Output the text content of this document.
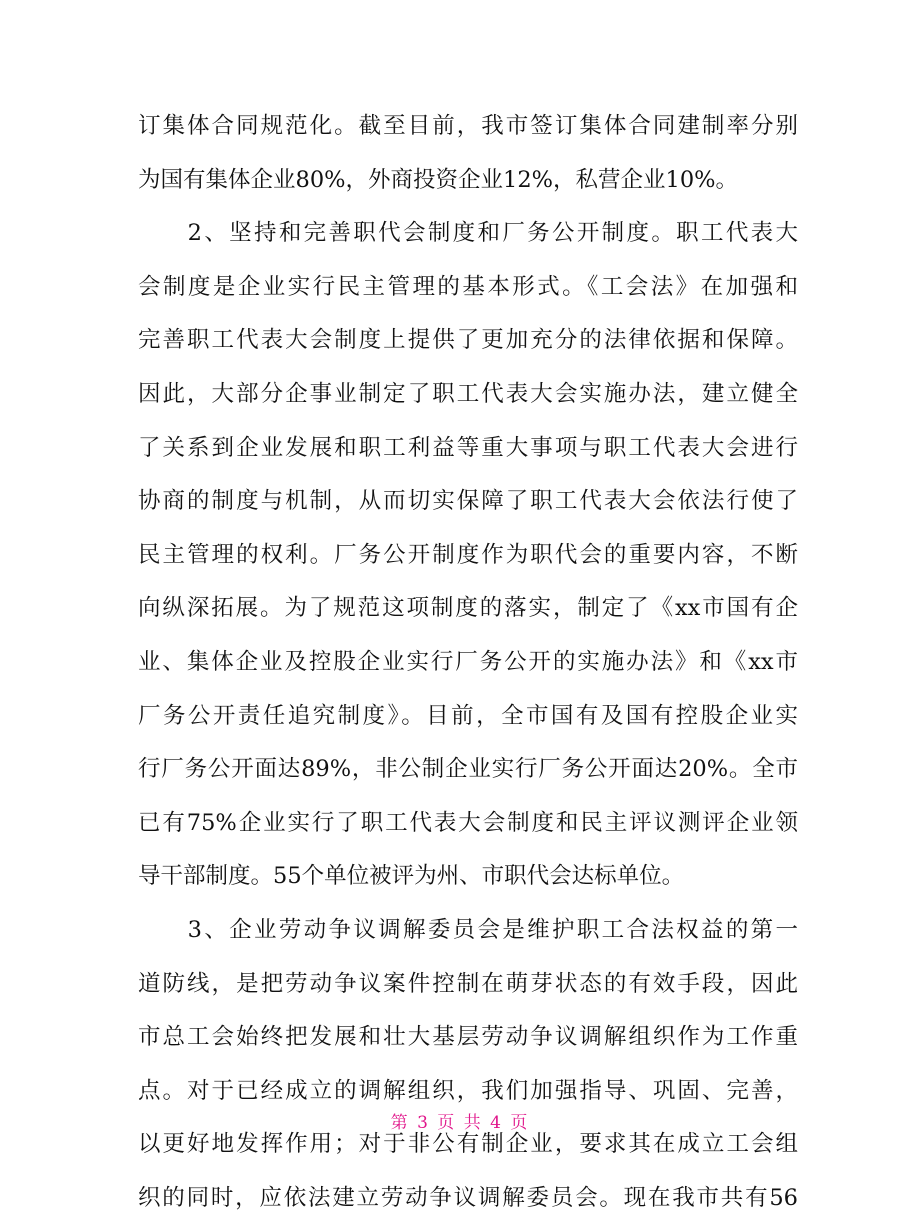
订集体合同规范化。截至目前，我市签订集体合同建制率分别
为国有集体企业80%，外商投资企业12%，私营企业10%。
　　2、坚持和完善职代会制度和厂务公开制度。职工代表大
会制度是企业实行民主管理的基本形式。《工会法》在加强和
完善职工代表大会制度上提供了更加充分的法律依据和保障。
因此，大部分企事业制定了职工代表大会实施办法，建立健全
了关系到企业发展和职工利益等重大事项与职工代表大会进行
协商的制度与机制，从而切实保障了职工代表大会依法行使了
民主管理的权利。厂务公开制度作为职代会的重要内容，不断
向纵深拓展。为了规范这项制度的落实，制定了《xx市国有企
业、集体企业及控股企业实行厂务公开的实施办法》和《xx市
厂务公开责任追究制度》。目前，全市国有及国有控股企业实
行厂务公开面达89%，非公制企业实行厂务公开面达20%。全市
已有75%企业实行了职工代表大会制度和民主评议测评企业领
导干部制度。55个单位被评为州、市职代会达标单位。
　　3、企业劳动争议调解委员会是维护职工合法权益的第一
道防线，是把劳动争议案件控制在萌芽状态的有效手段，因此
市总工会始终把发展和壮大基层劳动争议调解组织作为工作重
点。对于已经成立的调解组织，我们加强指导、巩固、完善，
以更好地发挥作用；对于非公有制企业，要求其在成立工会组
织的同时，应依法建立劳动争议调解委员会。现在我市共有56
第 3 页 共 4 页
